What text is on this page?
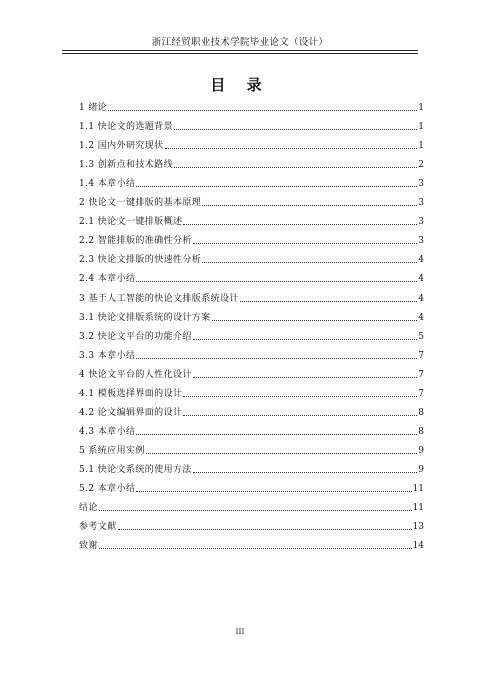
浙江经贸职业技术学院毕业论文（设计）
目 录
1 绪论	1
1.1 快论文的选题背景	1
1.2 国内外研究现状	1
1.3 创新点和技术路线	2
1.4 本章小结	3
2 快论文一键排版的基本原理	3
2.1 快论文一键排版概述	3
2.2 智能排版的准确性分析	3
2.3 快论文排版的快速性分析	4
2.4 本章小结	4
3 基于人工智能的快论文排版系统设计	4
3.1 快论文排版系统的设计方案	4
3.2 快论文平台的功能介绍	5
3.3 本章小结	7
4 快论文平台的人性化设计	7
4.1 模板选择界面的设计	7
4.2 论文编辑界面的设计	8
4.3 本章小结	8
5 系统应用实例	9
5.1 快论文系统的使用方法	9
5.2 本章小结	11
结论	11
参考文献	13
致谢	14
III
